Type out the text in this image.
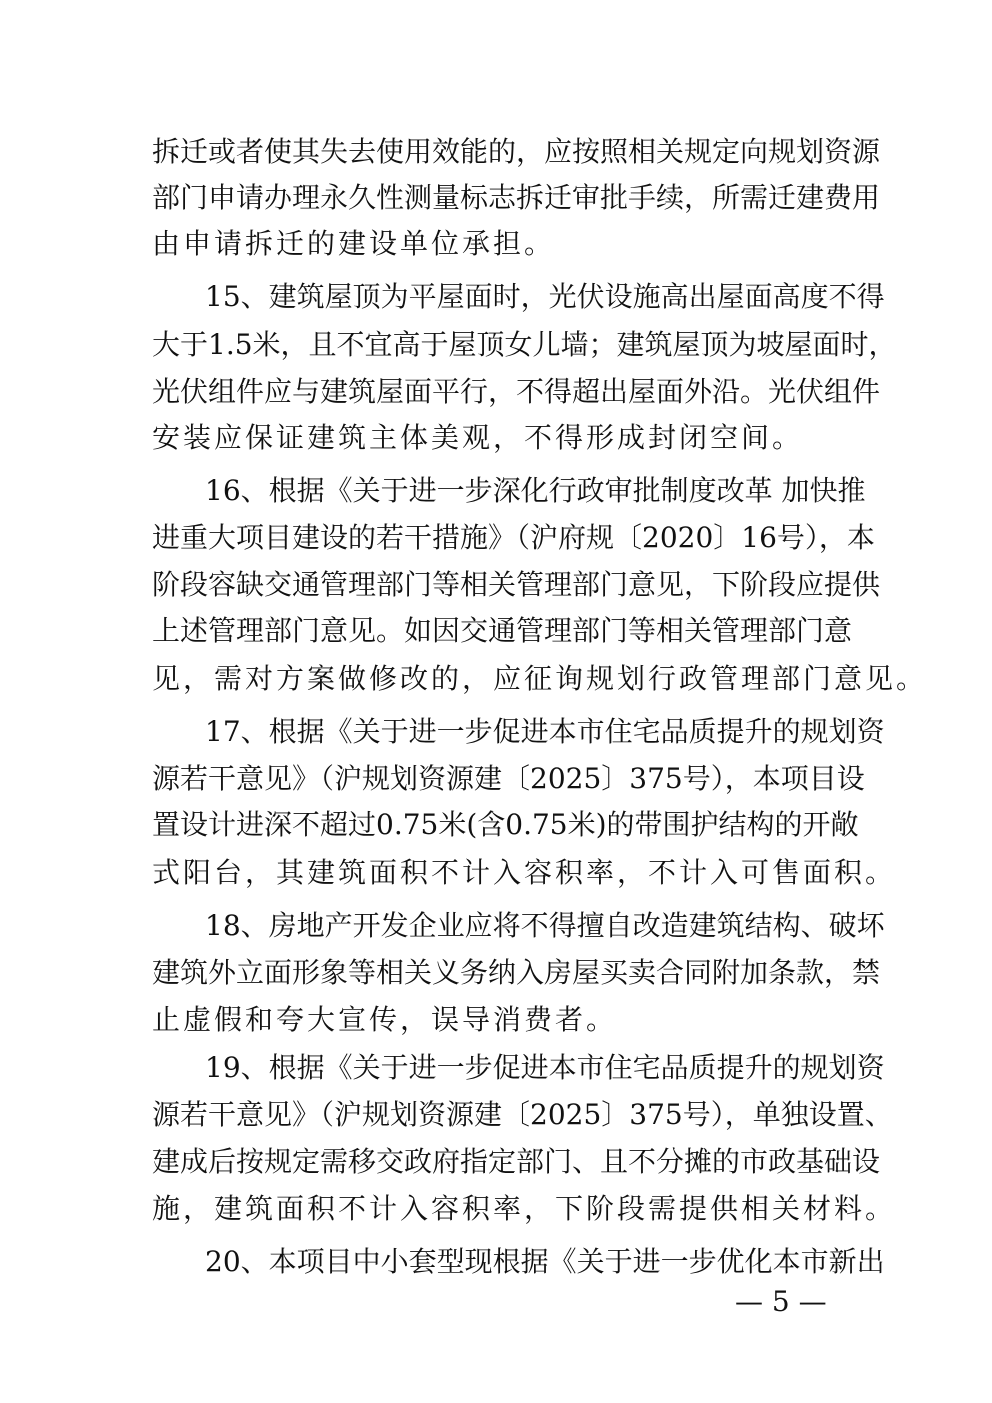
拆迁或者使其失去使用效能的，应按照相关规定向规划资源
部门申请办理永久性测量标志拆迁审批手续，所需迁建费用
由申请拆迁的建设单位承担。
15、建筑屋顶为平屋面时，光伏设施高出屋面高度不得
大于1.5米，且不宜高于屋顶女儿墙；建筑屋顶为坡屋面时，
光伏组件应与建筑屋面平行，不得超出屋面外沿。光伏组件
安装应保证建筑主体美观，不得形成封闭空间。
16、根据《关于进一步深化行政审批制度改革 加快推
进重大项目建设的若干措施》（沪府规〔2020〕16号），本
阶段容缺交通管理部门等相关管理部门意见，下阶段应提供
上述管理部门意见。如因交通管理部门等相关管理部门意
见，需对方案做修改的，应征询规划行政管理部门意见。
17、根据《关于进一步促进本市住宅品质提升的规划资
源若干意见》（沪规划资源建〔2025〕375号），本项目设
置设计进深不超过0.75米(含0.75米)的带围护结构的开敞
式阳台，其建筑面积不计入容积率，不计入可售面积。
18、房地产开发企业应将不得擅自改造建筑结构、破坏
建筑外立面形象等相关义务纳入房屋买卖合同附加条款，禁
止虚假和夸大宣传，误导消费者。
19、根据《关于进一步促进本市住宅品质提升的规划资
源若干意见》（沪规划资源建〔2025〕375号），单独设置、
建成后按规定需移交政府指定部门、且不分摊的市政基础设
施，建筑面积不计入容积率，下阶段需提供相关材料。
20、本项目中小套型现根据《关于进一步优化本市新出
— 5 —
